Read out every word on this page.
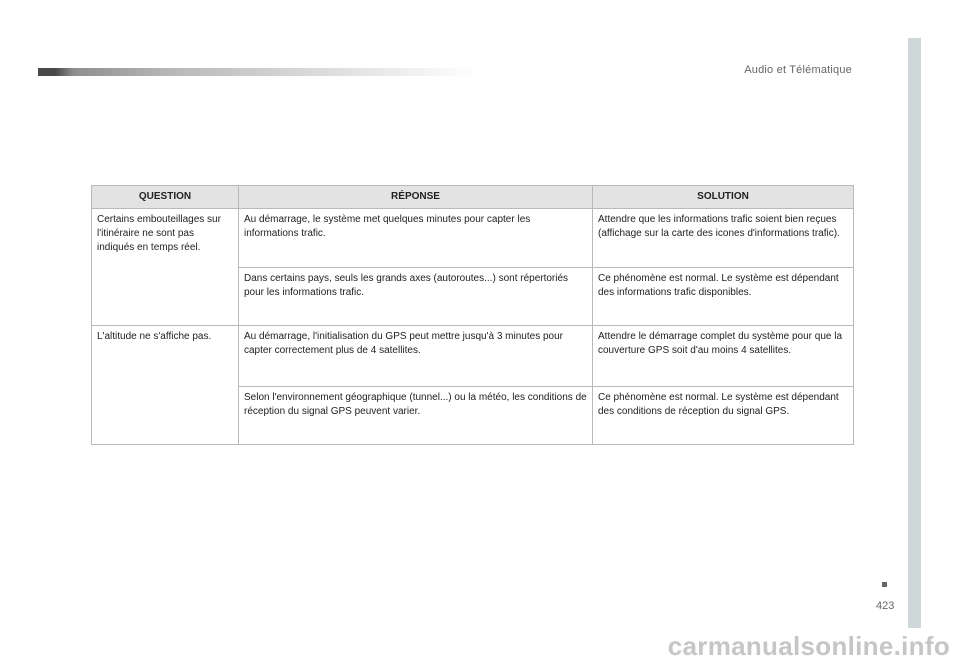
Audio et Télématique
QUESTION	RÉPONSE	SOLUTION
Certains embouteillages sur l'itinéraire ne sont pas indiqués en temps réel.	Au démarrage, le système met quelques minutes pour capter les informations trafic.	Attendre que les informations trafic soient bien reçues (affichage sur la carte des icones d'informations trafic).
	Dans certains pays, seuls les grands axes (autoroutes...) sont répertoriés pour les informations trafic.	Ce phénomène est normal. Le système est dépendant des informations trafic disponibles.
L'altitude ne s'affiche pas.	Au démarrage, l'initialisation du GPS peut mettre jusqu'à 3 minutes pour capter correctement plus de 4 satellites.	Attendre le démarrage complet du système pour que la couverture GPS soit d'au moins 4 satellites.
	Selon l'environnement géographique (tunnel...) ou la météo, les conditions de réception du signal GPS peuvent varier.	Ce phénomène est normal. Le système est dépendant des conditions de réception du signal GPS.
423
carmanualsonline.info
